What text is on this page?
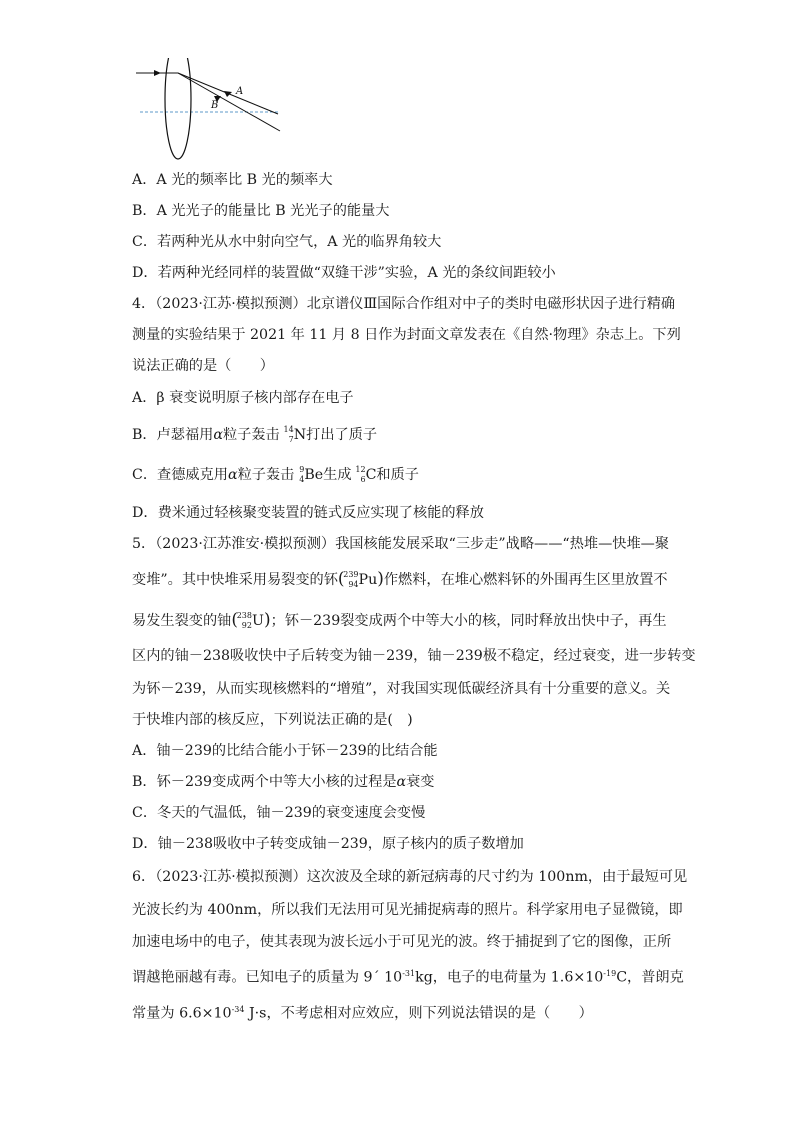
A
B
A．A 光的频率比 B 光的频率大
B．A 光光子的能量比 B 光光子的能量大
C．若两种光从水中射向空气，A 光的临界角较大
D．若两种光经同样的装置做“双缝干涉”实验，A 光的条纹间距较小
4．（2023·江苏·模拟预测）北京谱仪Ⅲ国际合作组对中子的类时电磁形状因子进行精确
测量的实验结果于 2021 年 11 月 8 日作为封面文章发表在《自然·物理》杂志上。下列
说法正确的是（　　）
A．β 衰变说明原子核内部存在电子
B．卢瑟福用α粒子轰击 14
7 N打出了质子
C．查德威克用α粒子轰击 9
4 Be生成 12
6 C和质子
D．费米通过轻核聚变装置的链式反应实现了核能的释放
5．（2023·江苏淮安·模拟预测）我国核能发展采取“三步走”战略——“热堆—快堆—聚
变堆”。其中快堆采用易裂变的钚(
239
94 Pu)作燃料，在堆心燃料钚的外围再生区里放置不
易发生裂变的铀(
238
92 U)；钚－239裂变成两个中等大小的核，同时释放出快中子，再生
区内的铀－238吸收快中子后转变为铀－239，铀－239极不稳定，经过衰变，进一步转变
为钚－239，从而实现核燃料的“增殖”，对我国实现低碳经济具有十分重要的意义。关
于快堆内部的核反应，下列说法正确的是(　)
A．铀－239的比结合能小于钚－239的比结合能
B．钚－239变成两个中等大小核的过程是α衰变
C．冬天的气温低，铀－239的衰变速度会变慢
D．铀－238吸收中子转变成铀－239，原子核内的质子数增加
6．（2023·江苏·模拟预测）这次波及全球的新冠病毒的尺寸约为 100nm，由于最短可见
光波长约为 400nm，所以我们无法用可见光捕捉病毒的照片。科学家用电子显微镜，即
加速电场中的电子，使其表现为波长远小于可见光的波。终于捕捉到了它的图像，正所
谓越艳丽越有毒。已知电子的质量为 9´ $10^{-31}kg$，电子的电荷量为 $1.6\times 10^{-19}C$，普朗克
常量为 $6.6\times 10^{-34}$ J·s，不考虑相对应效应，则下列说法错误的是（　　）
